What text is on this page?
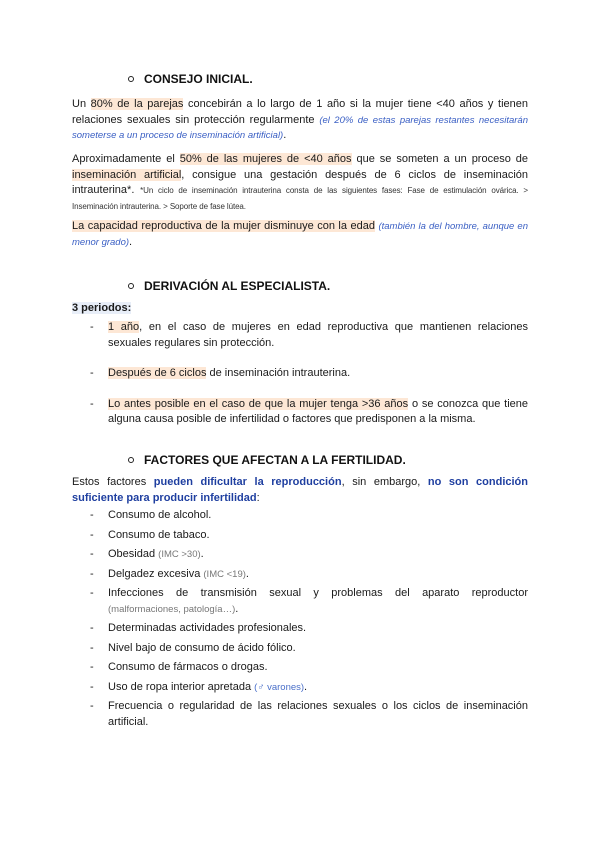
CONSEJO INICIAL.
Un 80% de la parejas concebirán a lo largo de 1 año si la mujer tiene <40 años y tienen relaciones sexuales sin protección regularmente (el 20% de estas parejas restantes necesitarán someterse a un proceso de inseminación artificial).
Aproximadamente el 50% de las mujeres de <40 años que se someten a un proceso de inseminación artificial, consigue una gestación después de 6 ciclos de inseminación intrauterina*. *Un ciclo de inseminación intrauterina consta de las siguientes fases: Fase de estimulación ovárica. > Inseminación intrauterina. > Soporte de fase lútea.
La capacidad reproductiva de la mujer disminuye con la edad (también la del hombre, aunque en menor grado).
DERIVACIÓN AL ESPECIALISTA.
3 periodos:
- 1 año, en el caso de mujeres en edad reproductiva que mantienen relaciones sexuales regulares sin protección.
- Después de 6 ciclos de inseminación intrauterina.
- Lo antes posible en el caso de que la mujer tenga >36 años o se conozca que tiene alguna causa posible de infertilidad o factores que predisponen a la misma.
FACTORES QUE AFECTAN A LA FERTILIDAD.
Estos factores pueden dificultar la reproducción, sin embargo, no son condición suficiente para producir infertilidad:
- Consumo de alcohol.
- Consumo de tabaco.
- Obesidad (IMC >30).
- Delgadez excesiva (IMC <19).
- Infecciones de transmisión sexual y problemas del aparato reproductor (malformaciones, patología…).
- Determinadas actividades profesionales.
- Nivel bajo de consumo de ácido fólico.
- Consumo de fármacos o drogas.
- Uso de ropa interior apretada (♂ varones).
- Frecuencia o regularidad de las relaciones sexuales o los ciclos de inseminación artificial.
